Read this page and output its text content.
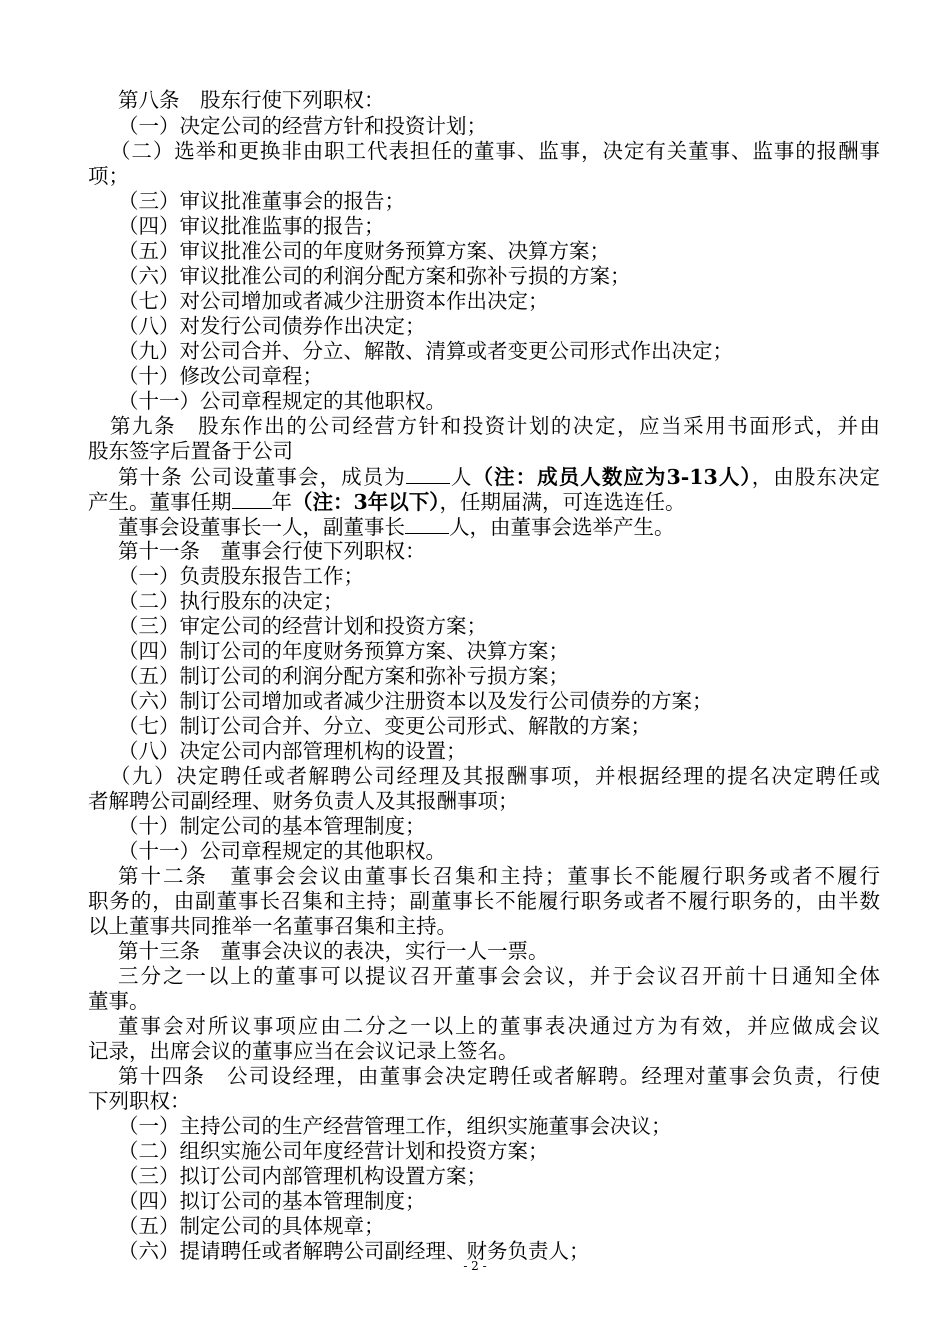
第八条　股东行使下列职权：
（一）决定公司的经营方针和投资计划；
（二）选举和更换非由职工代表担任的董事、监事，决定有关董事、监事的报酬事
项；
（三）审议批准董事会的报告；
（四）审议批准监事的报告；
（五）审议批准公司的年度财务预算方案、决算方案；
（六）审议批准公司的利润分配方案和弥补亏损的方案；
（七）对公司增加或者减少注册资本作出决定；
（八）对发行公司债券作出决定；
（九）对公司合并、分立、解散、清算或者变更公司形式作出决定；
（十）修改公司章程；
（十一）公司章程规定的其他职权。
第九条　股东作出的公司经营方针和投资计划的决定，应当采用书面形式，并由
股东签字后置备于公司
第十条 公司设董事会，成员为 人（注：成员人数应为3-13人），由股东决定
产生。董事任期 年（注：3年以下），任期届满，可连选连任。
董事会设董事长一人，副董事长 人，由董事会选举产生。
第十一条　董事会行使下列职权：
（一）负责股东报告工作；
（二）执行股东的决定；
（三）审定公司的经营计划和投资方案；
（四）制订公司的年度财务预算方案、决算方案；
（五）制订公司的利润分配方案和弥补亏损方案；
（六）制订公司增加或者减少注册资本以及发行公司债券的方案；
（七）制订公司合并、分立、变更公司形式、解散的方案；
（八）决定公司内部管理机构的设置；
（九）决定聘任或者解聘公司经理及其报酬事项，并根据经理的提名决定聘任或
者解聘公司副经理、财务负责人及其报酬事项；
（十）制定公司的基本管理制度；
（十一）公司章程规定的其他职权。
第十二条　董事会会议由董事长召集和主持；董事长不能履行职务或者不履行
职务的，由副董事长召集和主持；副董事长不能履行职务或者不履行职务的，由半数
以上董事共同推举一名董事召集和主持。
第十三条　董事会决议的表决，实行一人一票。
三分之一以上的董事可以提议召开董事会会议，并于会议召开前十日通知全体
董事。
董事会对所议事项应由二分之一以上的董事表决通过方为有效，并应做成会议
记录，出席会议的董事应当在会议记录上签名。
第十四条　公司设经理，由董事会决定聘任或者解聘。经理对董事会负责，行使
下列职权：
（一）主持公司的生产经营管理工作，组织实施董事会决议；
（二）组织实施公司年度经营计划和投资方案；
（三）拟订公司内部管理机构设置方案；
（四）拟订公司的基本管理制度；
（五）制定公司的具体规章；
（六）提请聘任或者解聘公司副经理、财务负责人；
- 2 -
